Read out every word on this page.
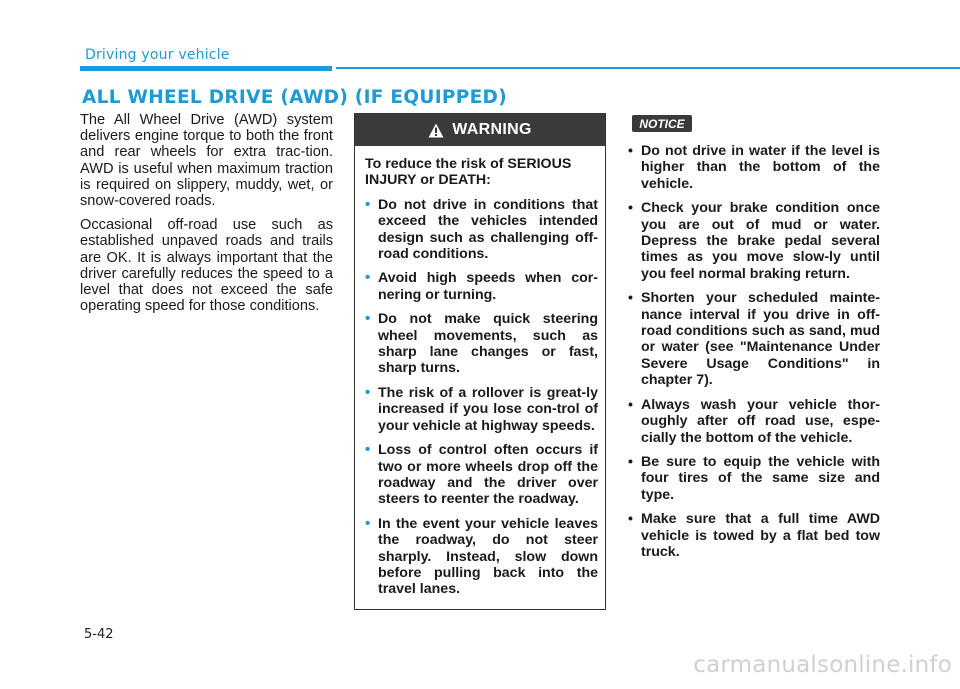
Driving your vehicle
ALL WHEEL DRIVE (AWD) (IF EQUIPPED)

The All Wheel Drive (AWD) system delivers engine torque to both the front and rear wheels for extra trac-tion. AWD is useful when maximum traction is required on slippery, muddy, wet, or snow-covered roads.

Occasional off-road use such as established unpaved roads and trails are OK. It is always important that the driver carefully reduces the speed to a level that does not exceed the safe operating speed for those conditions.

WARNING
To reduce the risk of SERIOUS INJURY or DEATH:
• Do not drive in conditions that exceed the vehicles intended design such as challenging off-road conditions.
• Avoid high speeds when cor-nering or turning.
• Do not make quick steering wheel movements, such as sharp lane changes or fast, sharp turns.
• The risk of a rollover is great-ly increased if you lose con-trol of your vehicle at highway speeds.
• Loss of control often occurs if two or more wheels drop off the roadway and the driver over steers to reenter the roadway.
• In the event your vehicle leaves the roadway, do not steer sharply. Instead, slow down before pulling back into the travel lanes.
NOTICE
• Do not drive in water if the level is higher than the bottom of the vehicle.
• Check your brake condition once you are out of mud or water. Depress the brake pedal several times as you move slow-ly until you feel normal braking return.
• Shorten your scheduled mainte-nance interval if you drive in off-road conditions such as sand, mud or water (see "Maintenance Under Severe Usage Conditions" in chapter 7).
• Always wash your vehicle thor-oughly after off road use, espe-cially the bottom of the vehicle.
• Be sure to equip the vehicle with four tires of the same size and type.
• Make sure that a full time AWD vehicle is towed by a flat bed tow truck.
5-42
carmanualsonline.info
